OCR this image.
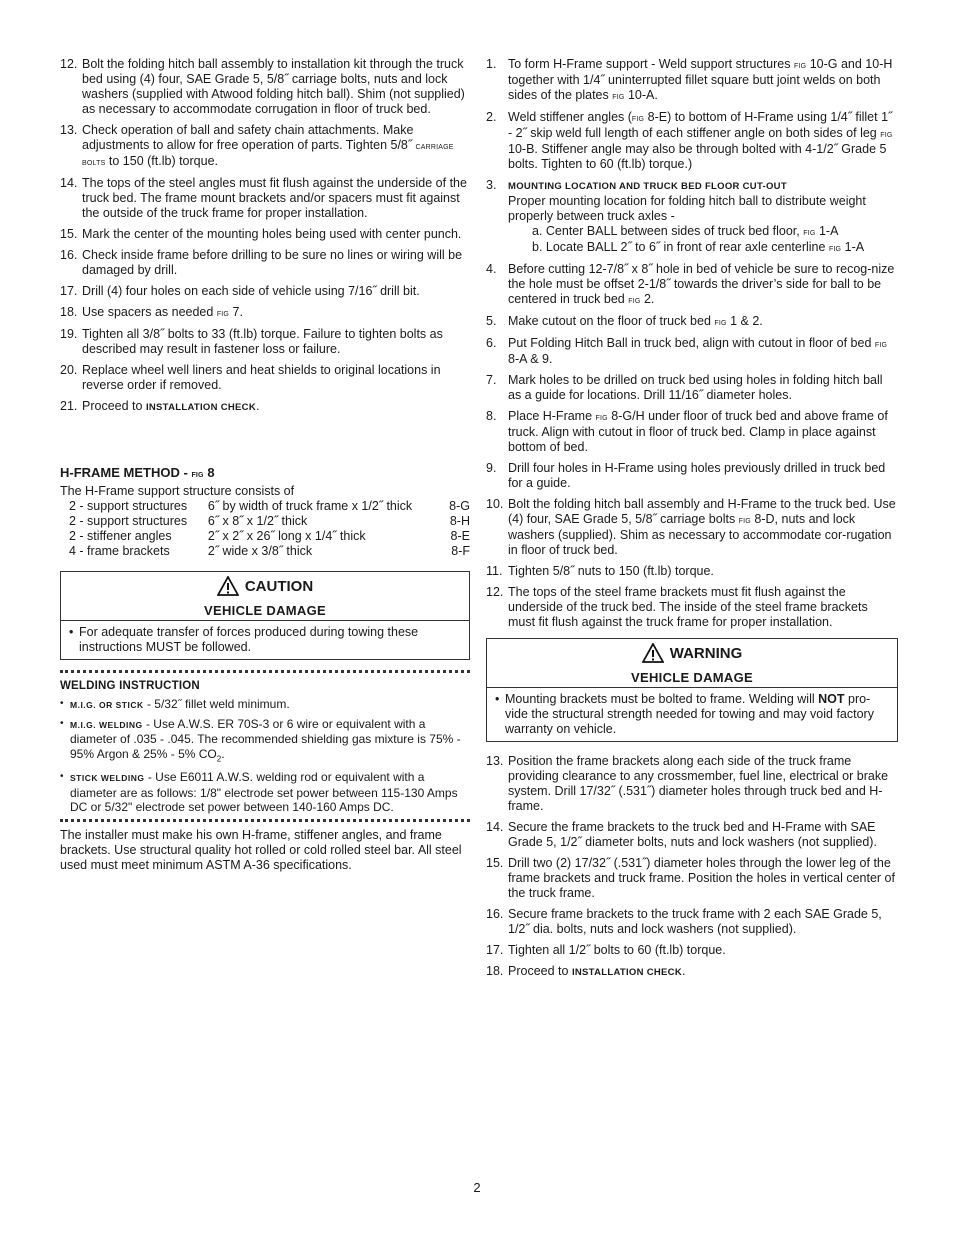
12. Bolt the folding hitch ball assembly to installation kit through the truck bed using (4) four, SAE Grade 5, 5/8˝ carriage bolts, nuts and lock washers (supplied with Atwood folding hitch ball). Shim (not supplied) as necessary to accommodate corrugation in floor of truck bed.
13. Check operation of ball and safety chain attachments. Make adjustments to allow for free operation of parts. Tighten 5/8˝ carriage bolts to 150 (ft.lb) torque.
14. The tops of the steel angles must fit flush against the underside of the truck bed. The frame mount brackets and/or spacers must fit against the outside of the truck frame for proper installation.
15. Mark the center of the mounting holes being used with center punch.
16. Check inside frame before drilling to be sure no lines or wiring will be damaged by drill.
17. Drill (4) four holes on each side of vehicle using 7/16˝ drill bit.
18. Use spacers as needed fig 7.
19. Tighten all 3/8˝ bolts to 33 (ft.lb) torque. Failure to tighten bolts as described may result in fastener loss or failure.
20. Replace wheel well liners and heat shields to original locations in reverse order if removed.
21. Proceed to INSTALLATION CHECK.
H-FRAME METHOD - fig 8

The H-Frame support structure consists of

2 - support structures	6˝ by width of truck frame x 1/2˝ thick	8-G
2 - support structures	6˝ x 8˝ x 1/2˝ thick	8-H
2 - stiffener angles	2˝ x 2˝ x 26˝ long x 1/4˝ thick	8-E
4 - frame brackets	2˝ wide x 3/8˝ thick	8-F
CAUTION
VEHICLE DAMAGE
• For adequate transfer of forces produced during towing these instructions MUST be followed.
WELDING INSTRUCTION
• M.I.G. OR STICK - 5/32˝ fillet weld minimum.
• M.I.G. WELDING - Use A.W.S. ER 70S-3 or 6 wire or equivalent with a diameter of .035 - .045. The recommended shielding gas mixture is 75% - 95% Argon & 25% - 5% $CO_2$.
• STICK WELDING - Use E6011 A.W.S. welding rod or equivalent with a diameter are as follows: 1/8" electrode set power between 115-130 Amps DC or 5/32" electrode set power between 140-160 Amps DC.

The installer must make his own H-frame, stiffener angles, and frame brackets. Use structural quality hot rolled or cold rolled steel bar. All steel used must meet minimum ASTM A-36 specifications.

1. To form H-Frame support - Weld support structures fig 10-G and 10-H together with 1/4˝ uninterrupted fillet square butt joint welds on both sides of the plates fig 10-A.
2. Weld stiffener angles (fig 8-E) to bottom of H-Frame using 1/4˝ fillet 1˝ - 2˝ skip weld full length of each stiffener angle on both sides of leg fig 10-B. Stiffener angle may also be through bolted with 4-1/2˝ Grade 5 bolts. Tighten to 60 (ft.lb) torque.)
3. MOUNTING LOCATION AND TRUCK BED FLOOR CUT-OUT
Proper mounting location for folding hitch ball to distribute weight properly between truck axles -
a. Center BALL between sides of truck bed floor, fig 1-A
b. Locate BALL 2˝ to 6˝ in front of rear axle centerline fig 1-A
4. Before cutting 12-7/8˝ x 8˝ hole in bed of vehicle be sure to recog-nize the hole must be offset 2-1/8˝ towards the driver’s side for ball to be centered in truck bed fig 2.
5. Make cutout on the floor of truck bed fig 1 & 2.
6. Put Folding Hitch Ball in truck bed, align with cutout in floor of bed fig 8-A & 9.
7. Mark holes to be drilled on truck bed using holes in folding hitch ball as a guide for locations. Drill 11/16˝ diameter holes.
8. Place H-Frame fig 8-G/H under floor of truck bed and above frame of truck. Align with cutout in floor of truck bed. Clamp in place against bottom of bed.
9. Drill four holes in H-Frame using holes previously drilled in truck bed for a guide.
10. Bolt the folding hitch ball assembly and H-Frame to the truck bed. Use (4) four, SAE Grade 5, 5/8˝ carriage bolts fig 8-D, nuts and lock washers (supplied). Shim as necessary to accommodate cor-rugation in floor of truck bed.
11. Tighten 5/8˝ nuts to 150 (ft.lb) torque.
12. The tops of the steel frame brackets must fit flush against the underside of the truck bed. The inside of the steel frame brackets must fit flush against the truck frame for proper installation.
WARNING
VEHICLE DAMAGE
• Mounting brackets must be bolted to frame. Welding will NOT pro-vide the structural strength needed for towing and may void factory warranty on vehicle.
13. Position the frame brackets along each side of the truck frame providing clearance to any crossmember, fuel line, electrical or brake system. Drill 17/32˝ (.531˝) diameter holes through truck bed and H-frame.
14. Secure the frame brackets to the truck bed and H-Frame with SAE Grade 5, 1/2˝ diameter bolts, nuts and lock washers (not supplied).
15. Drill two (2) 17/32˝ (.531˝) diameter holes through the lower leg of the frame brackets and truck frame. Position the holes in vertical center of the truck frame.
16. Secure frame brackets to the truck frame with 2 each SAE Grade 5, 1/2˝ dia. bolts, nuts and lock washers (not supplied).
17. Tighten all 1/2˝ bolts to 60 (ft.lb) torque.
18. Proceed to INSTALLATION CHECK.
2
